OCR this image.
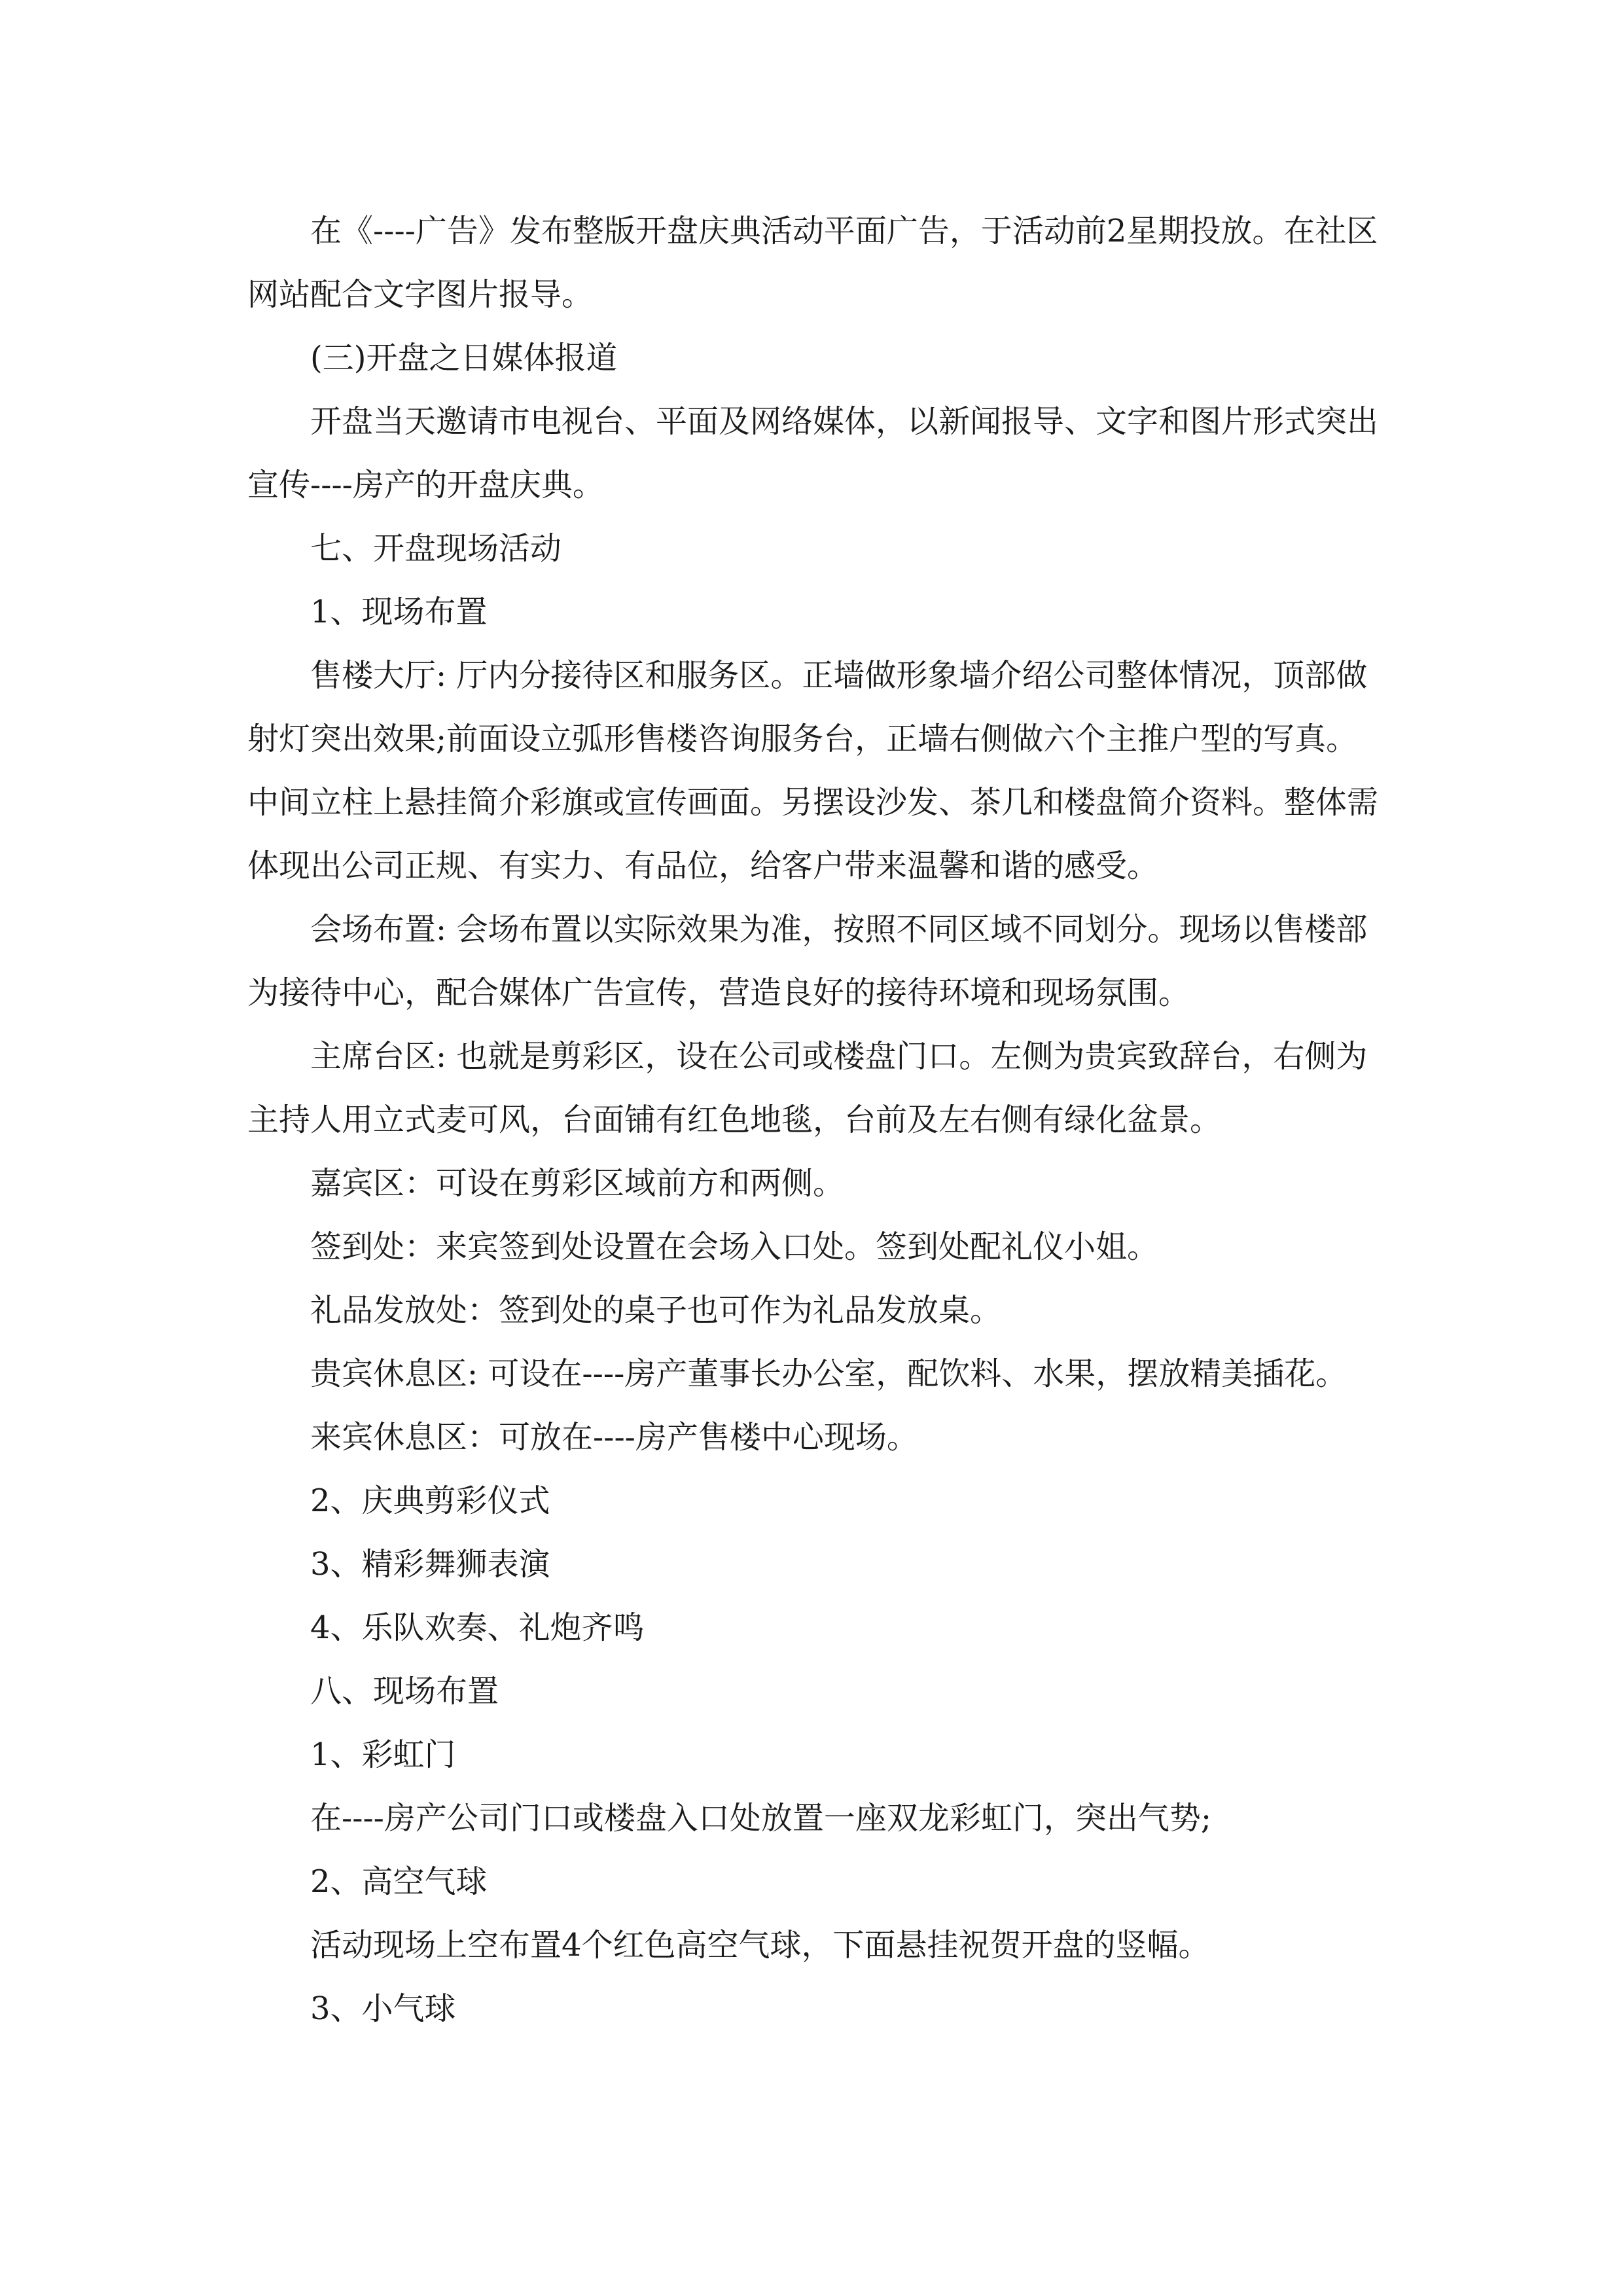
在《----广告》发布整版开盘庆典活动平面广告，于活动前2星期投放。在社区网站配合文字图片报导。

(三)开盘之日媒体报道

开盘当天邀请市电视台、平面及网络媒体，以新闻报导、文字和图片形式突出宣传----房产的开盘庆典。

七、开盘现场活动

1、现场布置

售楼大厅: 厅内分接待区和服务区。正墙做形象墙介绍公司整体情况，顶部做射灯突出效果;前面设立弧形售楼咨询服务台，正墙右侧做六个主推户型的写真。中间立柱上悬挂简介彩旗或宣传画面。另摆设沙发、茶几和楼盘简介资料。整体需体现出公司正规、有实力、有品位，给客户带来温馨和谐的感受。

会场布置: 会场布置以实际效果为准，按照不同区域不同划分。现场以售楼部为接待中心，配合媒体广告宣传，营造良好的接待环境和现场氛围。

主席台区: 也就是剪彩区，设在公司或楼盘门口。左侧为贵宾致辞台，右侧为主持人用立式麦可风，台面铺有红色地毯，台前及左右侧有绿化盆景。

嘉宾区：可设在剪彩区域前方和两侧。

签到处：来宾签到处设置在会场入口处。签到处配礼仪小姐。

礼品发放处：签到处的桌子也可作为礼品发放桌。

贵宾休息区: 可设在----房产董事长办公室，配饮料、水果，摆放精美插花。

来宾休息区：可放在----房产售楼中心现场。

2、庆典剪彩仪式

3、精彩舞狮表演

4、乐队欢奏、礼炮齐鸣

八、现场布置

1、彩虹门

在----房产公司门口或楼盘入口处放置一座双龙彩虹门，突出气势;

2、高空气球

活动现场上空布置4个红色高空气球，下面悬挂祝贺开盘的竖幅。

3、小气球
